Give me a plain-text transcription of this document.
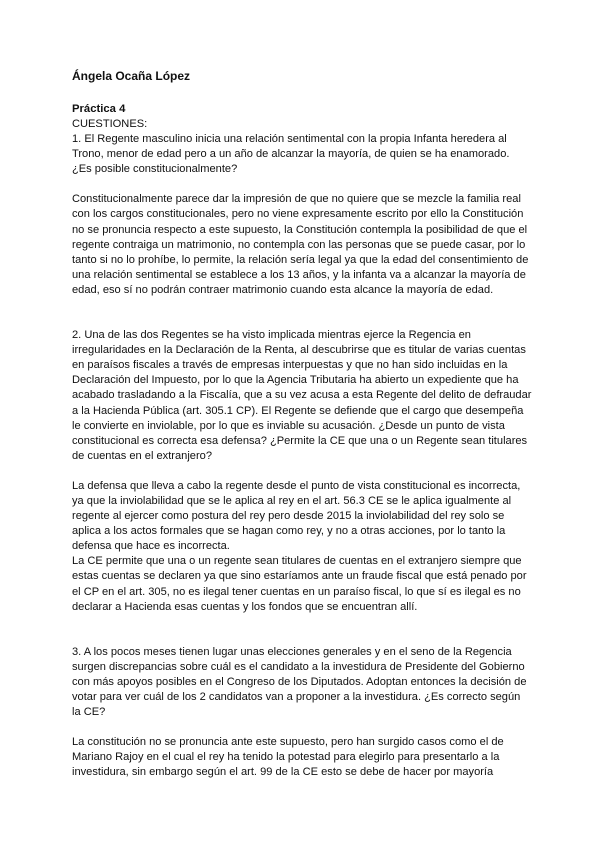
Ángela Ocaña López
Práctica 4

CUESTIONES:

1. El Regente masculino inicia una relación sentimental con la propia Infanta heredera al Trono, menor de edad pero a un año de alcanzar la mayoría, de quien se ha enamorado. ¿Es posible constitucionalmente?

Constitucionalmente parece dar la impresión de que no quiere que se mezcle la familia real con los cargos constitucionales, pero no viene expresamente escrito por ello la Constitución no se pronuncia respecto a este supuesto, la Constitución contempla la posibilidad de que el regente contraiga un matrimonio, no contempla con las personas que se puede casar, por lo tanto si no lo prohíbe, lo permite, la relación sería legal ya que la edad del consentimiento de una relación sentimental se establece a los 13 años, y la infanta va a alcanzar la mayoría de edad, eso sí no podrán contraer matrimonio cuando esta alcance la mayoría de edad.

2. Una de las dos Regentes se ha visto implicada mientras ejerce la Regencia en irregularidades en la Declaración de la Renta, al descubrirse que es titular de varias cuentas en paraísos fiscales a través de empresas interpuestas y que no han sido incluidas en la Declaración del Impuesto, por lo que la Agencia Tributaria ha abierto un expediente que ha acabado trasladando a la Fiscalía, que a su vez acusa a esta Regente del delito de defraudar a la Hacienda Pública (art. 305.1 CP). El Regente se defiende que el cargo que desempeña le convierte en inviolable, por lo que es inviable su acusación. ¿Desde un punto de vista constitucional es correcta esa defensa? ¿Permite la CE que una o un Regente sean titulares de cuentas en el extranjero?

La defensa que lleva a cabo la regente desde el punto de vista constitucional es incorrecta, ya que la inviolabilidad que se le aplica al rey en el art. 56.3 CE se le aplica igualmente al regente al ejercer como postura del rey pero desde 2015 la inviolabilidad del rey solo se aplica a los actos formales que se hagan como rey, y no a otras acciones, por lo tanto la defensa que hace es incorrecta.

La CE permite que una o un regente sean titulares de cuentas en el extranjero siempre que estas cuentas se declaren ya que sino estaríamos ante un fraude fiscal que está penado por el CP en el art. 305, no es ilegal tener cuentas en un paraíso fiscal, lo que sí es ilegal es no declarar a Hacienda esas cuentas y los fondos que se encuentran allí.

3. A los pocos meses tienen lugar unas elecciones generales y en el seno de la Regencia surgen discrepancias sobre cuál es el candidato a la investidura de Presidente del Gobierno con más apoyos posibles en el Congreso de los Diputados. Adoptan entonces la decisión de votar para ver cuál de los 2 candidatos van a proponer a la investidura. ¿Es correcto según la CE?

La constitución no se pronuncia ante este supuesto, pero han surgido casos como el de Mariano Rajoy en el cual el rey ha tenido la potestad para elegirlo para presentarlo a la investidura, sin embargo según el art. 99 de la CE esto se debe de hacer por mayoría
